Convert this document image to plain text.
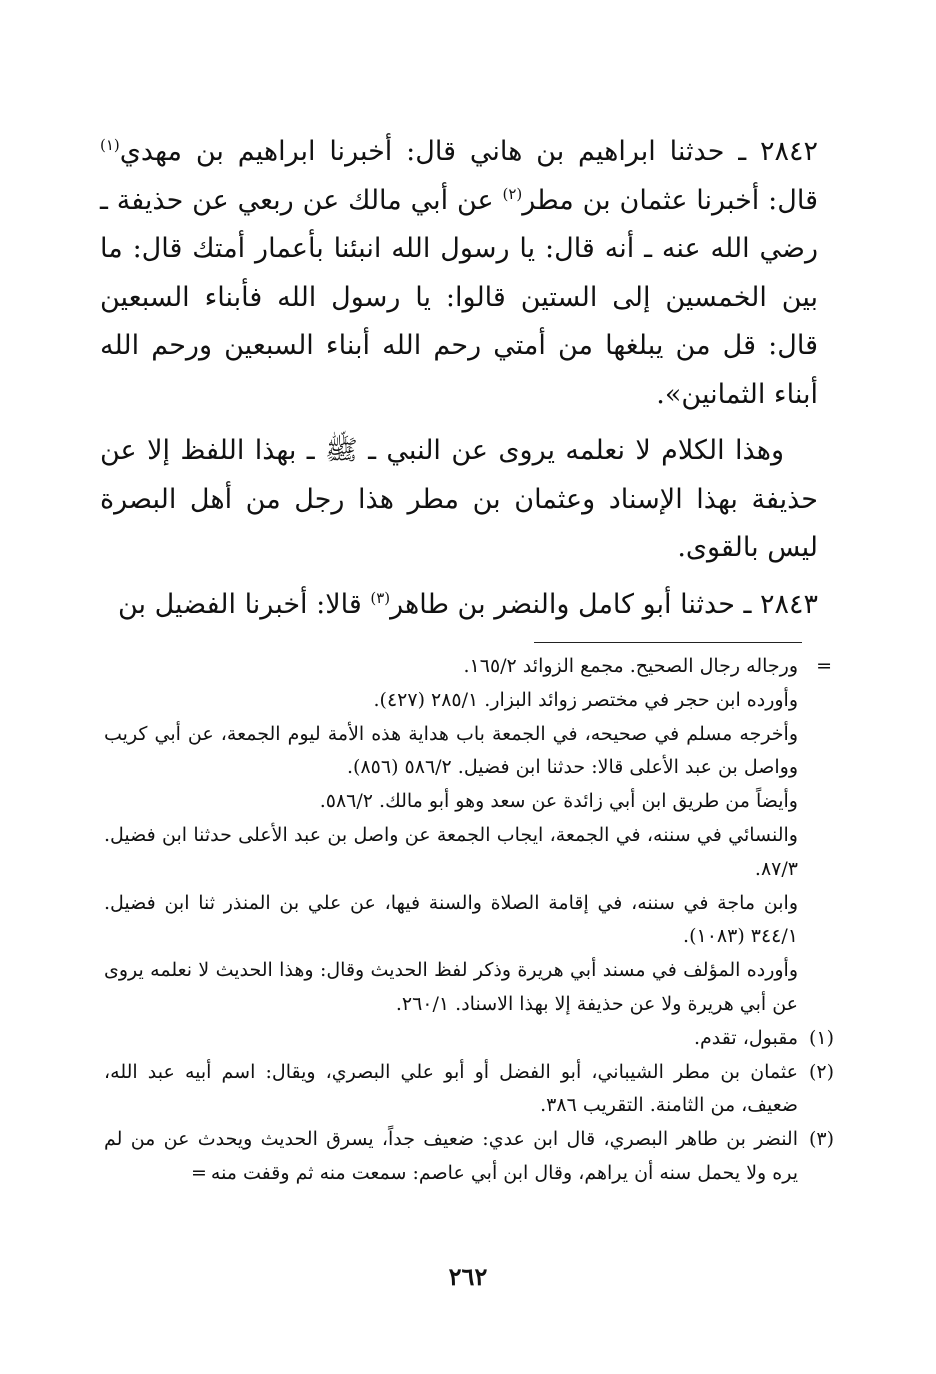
٢٨٤٢ ـ حدثنا ابراهيم بن هاني قال: أخبرنا ابراهيم بن مهدي$^{(١)}$ قال: أخبرنا عثمان بن مطر$^{(٢)}$ عن أبي مالك عن ربعي عن حذيفة ـ رضي الله عنه ـ أنه قال: يا رسول الله انبئنا بأعمار أمتك قال: ما بين الخمسين إلى الستين قالوا: يا رسول الله فأبناء السبعين قال: قل من يبلغها من أمتي رحم الله أبناء السبعين ورحم الله أبناء الثمانين».

وهذا الكلام لا نعلمه يروى عن النبي ـ ﷺ ـ بهذا اللفظ إلا عن حذيفة بهذا الإسناد وعثمان بن مطر هذا رجل من أهل البصرة ليس بالقوى.

٢٨٤٣ ـ حدثنا أبو كامل والنضر بن طاهر$^{(٣)}$ قالا: أخبرنا الفضيل بن

=
ورجاله رجال الصحيح. مجمع الزوائد ١٦٥/٢.

وأورده ابن حجر في مختصر زوائد البزار. ٢٨٥/١ (٤٢٧).

وأخرجه مسلم في صحيحه، في الجمعة باب هداية هذه الأمة ليوم الجمعة، عن أبي كريب وواصل بن عبد الأعلى قالا: حدثنا ابن فضيل. ٥٨٦/٢ (٨٥٦).

وأيضاً من طريق ابن أبي زائدة عن سعد وهو أبو مالك. ٥٨٦/٢.

والنسائي في سننه، في الجمعة، ايجاب الجمعة عن واصل بن عبد الأعلى حدثنا ابن فضيل. ٨٧/٣.

وابن ماجة في سننه، في إقامة الصلاة والسنة فيها، عن علي بن المنذر ثنا ابن فضيل. ٣٤٤/١ (١٠٨٣).

وأورده المؤلف في مسند أبي هريرة وذكر لفظ الحديث وقال: وهذا الحديث لا نعلمه يروى عن أبي هريرة ولا عن حذيفة إلا بهذا الاسناد. ٢٦٠/١.

(١)
مقبول، تقدم.

(٢)
عثمان بن مطر الشيباني، أبو الفضل أو أبو علي البصري، ويقال: اسم أبيه عبد الله، ضعيف، من الثامنة. التقريب ٣٨٦.

(٣)
النضر بن طاهر البصري، قال ابن عدي: ضعيف جداً، يسرق الحديث ويحدث عن من لم يره ولا يحمل سنه أن يراهم، وقال ابن أبي عاصم: سمعت منه ثم وقفت منه=

٢٦٢
